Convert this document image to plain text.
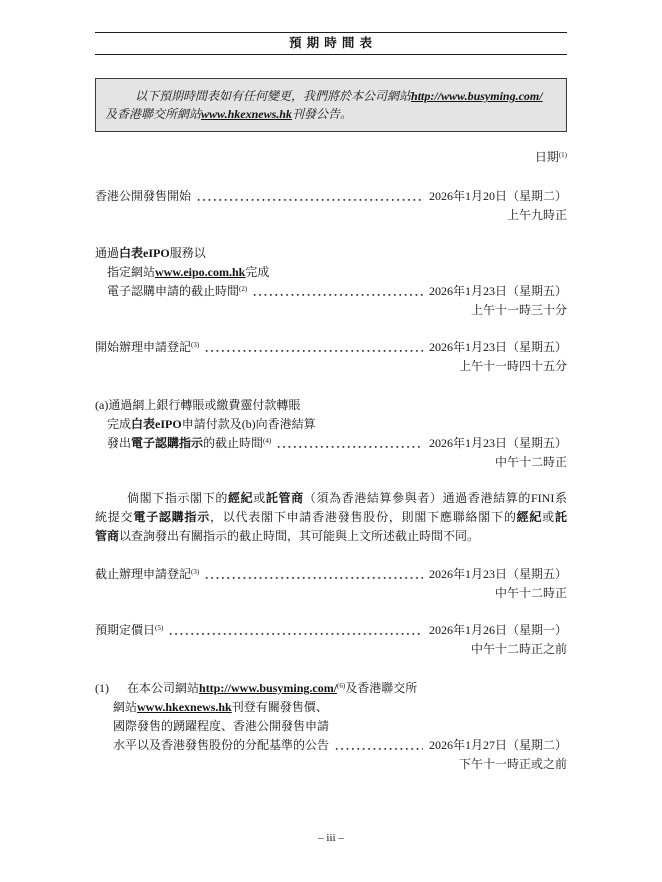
預 期 時 間 表
以下預期時間表如有任何變更，我們將於本公司網站http://www.busyming.com/
及香港聯交所網站www.hkexnews.hk刊發公告。
日期$^{(1)}$
香港公開發售開始	2026年1月20日（星期二）
上午九時正
通過白表eIPO服務以
指定網站www.eipo.com.hk完成
電子認購申請的截止時間$^{(2)}$	2026年1月23日（星期五）
上午十一時三十分
開始辦理申請登記$^{(3)}$	2026年1月23日（星期五）
上午十一時四十五分
(a)通過網上銀行轉賬或繳費靈付款轉賬
完成白表eIPO申請付款及(b)向香港結算
發出電子認購指示的截止時間$^{(4)}$	2026年1月23日（星期五）
中午十二時正
倘閣下指示閣下的經紀或託管商（須為香港結算參與者）通過香港結算的FINI系
統提交電子認購指示，以代表閣下申請香港發售股份，則閣下應聯絡閣下的經紀或託
管商以查詢發出有關指示的截止時間，其可能與上文所述截止時間不同。
截止辦理申請登記$^{(3)}$	2026年1月23日（星期五）
中午十二時正
預期定價日$^{(5)}$	2026年1月26日（星期一）
中午十二時正之前
(1)	在本公司網站http://www.busyming.com/$^{(6)}$及香港聯交所
網站www.hkexnews.hk刊登有關發售價、
國際發售的踴躍程度、香港公開發售申請
水平以及香港發售股份的分配基準的公告	2026年1月27日（星期二）
下午十一時正或之前
– iii –
